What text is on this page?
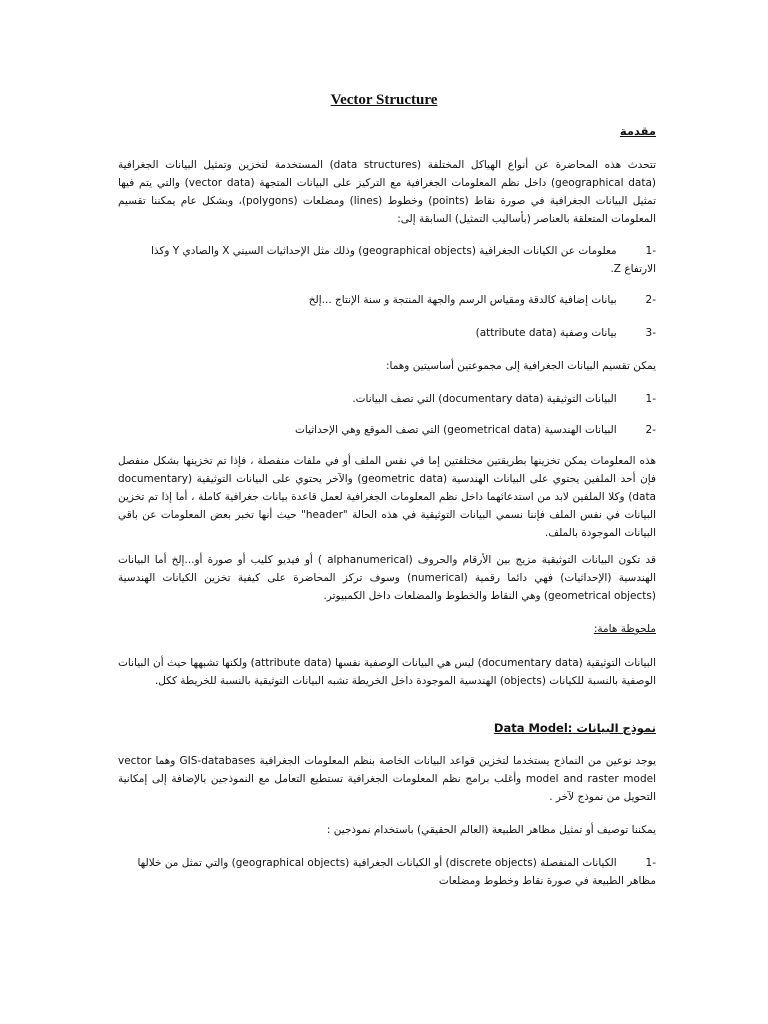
Vector Structure
مقدمة
تتحدث هذه المحاضرة عن أنواع الهياكل المختلفة (data structures) المستخدمة لتخزين وتمثيل البيانات الجغرافية (geographical data) داخل نظم المعلومات الجغرافية مع التركيز على البيانات المتجهة (vector data) والتي يتم فيها تمثيل البيانات الجغرافية في صورة نقاط (points) وخطوط (lines) ومضلعات (polygons)، وبشكل عام يمكننا تقسيم المعلومات المتعلقة بالعناصر (بأساليب التمثيل) السابقة إلى:
-1 معلومات عن الكيانات الجغرافية (geographical objects) وذلك مثل الإحداثيات السيني X والصادي Y وكذا الارتفاع Z.
-2 بيانات إضافية كالدقة ومقياس الرسم والجهة المنتجة و سنة الإنتاج ...إلخ
-3 بيانات وصفية (attribute data)
يمكن تقسيم البيانات الجغرافية إلى مجموعتين أساسيتين وهما:
-1 البيانات التوثيقية (documentary data) التي تصف البيانات.
-2 البيانات الهندسية (geometrical data) التي تصف الموقع وهي الإحداثيات
هذه المعلومات يمكن تخزينها بطريقتين مختلفتين إما في نفس الملف أو في ملفات منفصلة ، فإذا تم تخزينها بشكل منفصل فإن أحد الملفين يحتوي على البيانات الهندسية (geometric data) والآخر يحتوي على البيانات التوثيقية (documentary data) وكلا الملفين لابد من استدعائهما داخل نظم المعلومات الجغرافية لعمل قاعدة بيانات جغرافية كاملة ، أما إذا تم تخزين البيانات في نفس الملف فإننا نسمي البيانات التوثيقية في هذه الحالة "header" حيث أنها تخبر بعض المعلومات عن باقي البيانات الموجودة بالملف.
قد تكون البيانات التوثيقية مزيج بين الأرقام والحروف (alphanumerical ) أو فيديو كليب أو صورة أو...إلخ أما البيانات الهندسية (الإحداثيات) فهي دائما رقمية (numerical) وسوف تركز المحاضرة على كيفية تخزين الكيانات الهندسية (geometrical objects) وهي النقاط والخطوط والمضلعات داخل الكمبيوتر.
ملحوظة هامة:
البيانات التوثيقية (documentary data) ليس هي البيانات الوصفية نفسها (attribute data) ولكنها تشبهها حيث أن البيانات الوصفية بالنسبة للكيانات (objects) الهندسية الموجودة داخل الخريطة تشبه البيانات التوثيقية بالنسبة للخريطة ككل.
نموذج البيانات :Data Model
يوجد نوعين من النماذج يستخدما لتخزين قواعد البيانات الخاصة بنظم المعلومات الجغرافية GIS-databases وهما vector model and raster model وأغلب برامج نظم المعلومات الجغرافية تستطيع التعامل مع النموذجين بالإضافة إلى إمكانية التحويل من نموذج لآخر .
يمكننا توصيف أو تمثيل مظاهر الطبيعة (العالم الحقيقي) باستخدام نموذجين :
-1 الكيانات المنفصلة (discrete objects) أو الكيانات الجغرافية (geographical objects) والتي تمثل من خلالها مظاهر الطبيعة في صورة نقاط وخطوط ومضلعات
